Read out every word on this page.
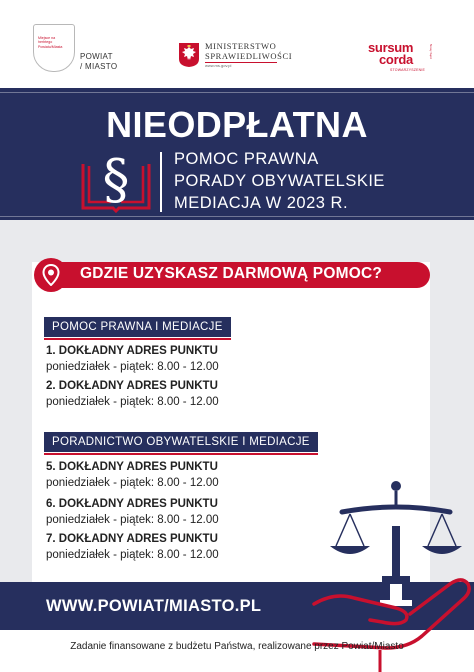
Miejsce na herbtego Powiatu/Miasta
POWIAT
/ MIASTO
MINISTERSTWO
SPRAWIEDLIWOŚCI
www.ms.gov.pl
sursum
corda
STOWARZYSZENIE
Nowy Sącz
NIEODPŁATNA
§	POMOC PRAWNA
PORADY OBYWATELSKIE
MEDIACJA W 2023 R.
GDZIE UZYSKASZ DARMOWĄ POMOC?
POMOC PRAWNA I MEDIACJE
1. DOKŁADNY ADRES PUNKTU
poniedziałek - piątek: 8.00 - 12.00
2. DOKŁADNY ADRES PUNKTU
poniedziałek - piątek: 8.00 - 12.00
PORADNICTWO OBYWATELSKIE I MEDIACJE
5. DOKŁADNY ADRES PUNKTU
poniedziałek - piątek: 8.00 - 12.00
6. DOKŁADNY ADRES PUNKTU
poniedziałek - piątek: 8.00 - 12.00
7. DOKŁADNY ADRES PUNKTU
poniedziałek - piątek: 8.00 - 12.00
WWW.POWIAT/MIASTO.PL
Zadanie finansowane z budżetu Państwa, realizowane przez Powiat/Miasto
